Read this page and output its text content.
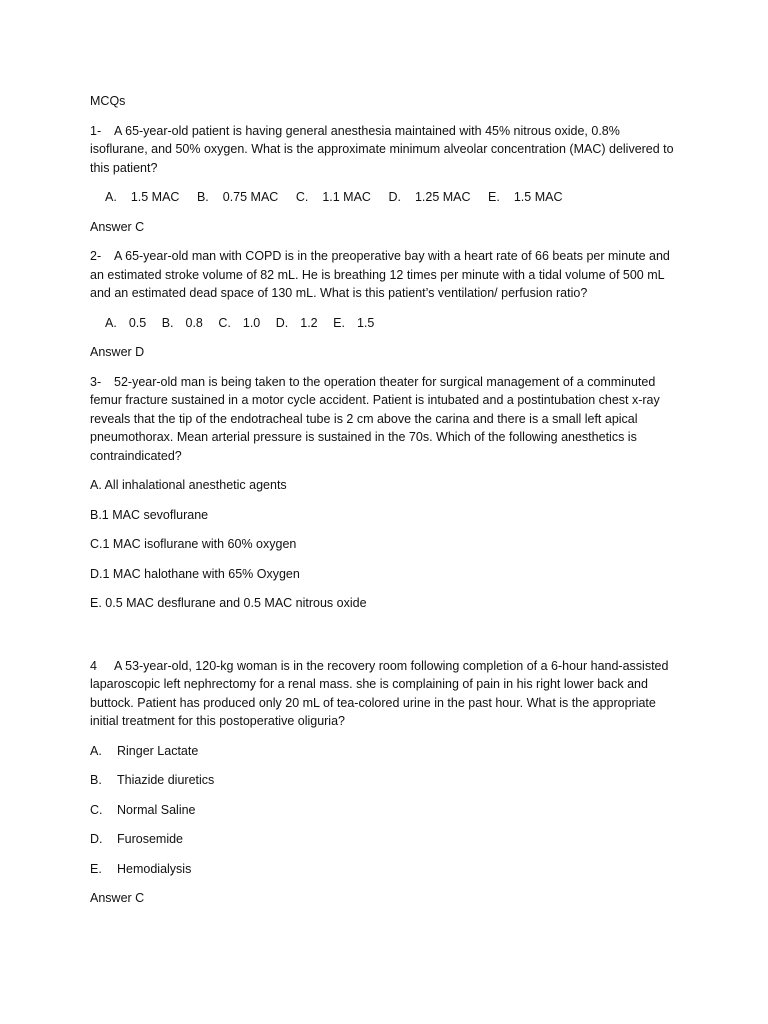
MCQs

1- A 65-year-old patient is having general anesthesia maintained with 45% nitrous oxide, 0.8% isoflurane, and 50% oxygen. What is the approximate minimum alveolar concentration (MAC) delivered to this patient?

A. 1.5 MAC B. 0.75 MAC C. 1.1 MAC D. 1.25 MAC E. 1.5 MAC

Answer C

2- A 65-year-old man with COPD is in the preoperative bay with a heart rate of 66 beats per minute and an estimated stroke volume of 82 mL. He is breathing 12 times per minute with a tidal volume of 500 mL and an estimated dead space of 130 mL. What is this patient’s ventilation/ perfusion ratio?

A. 0.5 B. 0.8 C. 1.0 D. 1.2 E. 1.5

Answer D

3- 52-year-old man is being taken to the operation theater for surgical management of a comminuted femur fracture sustained in a motor cycle accident. Patient is intubated and a postintubation chest x-ray reveals that the tip of the endotracheal tube is 2 cm above the carina and there is a small left apical pneumothorax. Mean arterial pressure is sustained in the 70s. Which of the following anesthetics is contraindicated?

A. All inhalational anesthetic agents

B.1 MAC sevoflurane

C.1 MAC isoflurane with 60% oxygen

D.1 MAC halothane with 65% Oxygen

E. 0.5 MAC desflurane and 0.5 MAC nitrous oxide

4 A 53-year-old, 120-kg woman is in the recovery room following completion of a 6-hour hand-assisted laparoscopic left nephrectomy for a renal mass. she is complaining of pain in his right lower back and buttock. Patient has produced only 20 mL of tea-colored urine in the past hour. What is the appropriate initial treatment for this postoperative oliguria?

A. Ringer Lactate

B. Thiazide diuretics

C. Normal Saline

D. Furosemide

E. Hemodialysis

Answer C
